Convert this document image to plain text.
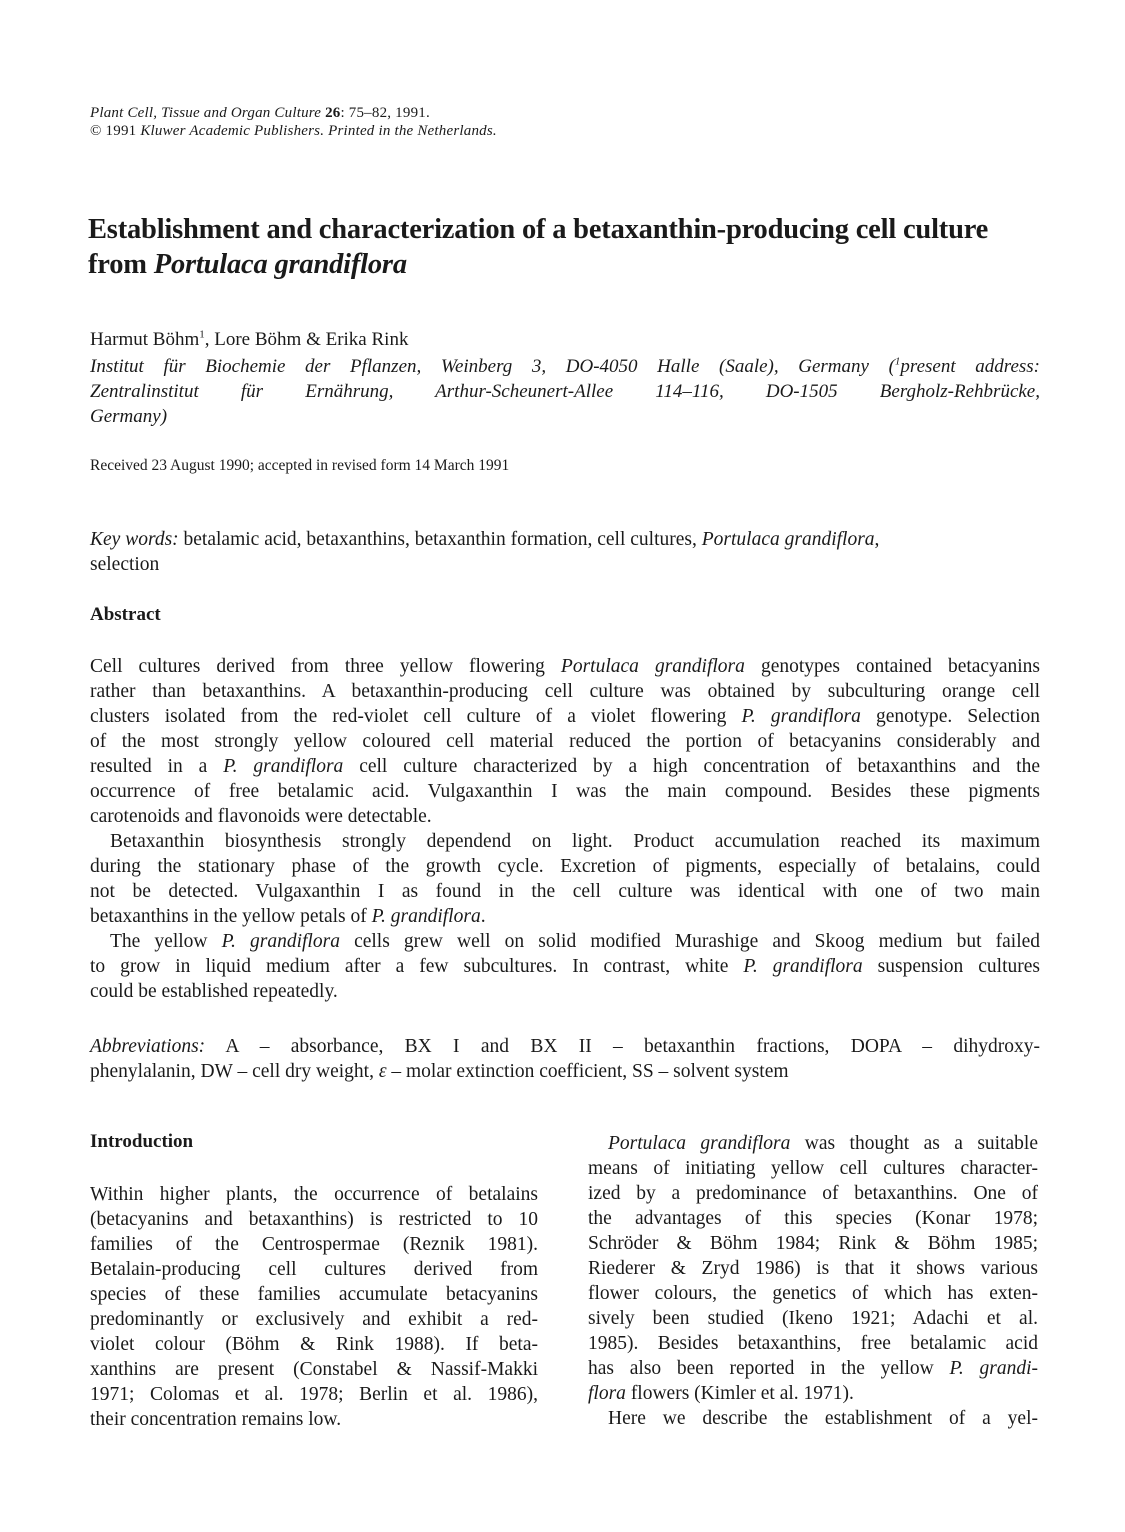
Plant Cell, Tissue and Organ Culture 26: 75–82, 1991.
© 1991 Kluwer Academic Publishers. Printed in the Netherlands.
Establishment and characterization of a betaxanthin-producing cell culture
from Portulaca grandiflora
Harmut Böhm$^1$, Lore Böhm & Erika Rink
Institut für Biochemie der Pflanzen, Weinberg 3, DO-4050 Halle (Saale), Germany ($^1$present address:
Zentralinstitut für Ernährung, Arthur-Scheunert-Allee 114–116, DO-1505 Bergholz-Rehbrücke,
Germany)
Received 23 August 1990; accepted in revised form 14 March 1991
Key words: betalamic acid, betaxanthins, betaxanthin formation, cell cultures, Portulaca grandiflora,
selection
Abstract
Cell cultures derived from three yellow flowering Portulaca grandiflora genotypes contained betacyanins
rather than betaxanthins. A betaxanthin-producing cell culture was obtained by subculturing orange cell
clusters isolated from the red-violet cell culture of a violet flowering P. grandiflora genotype. Selection
of the most strongly yellow coloured cell material reduced the portion of betacyanins considerably and
resulted in a P. grandiflora cell culture characterized by a high concentration of betaxanthins and the
occurrence of free betalamic acid. Vulgaxanthin I was the main compound. Besides these pigments
carotenoids and flavonoids were detectable.
Betaxanthin biosynthesis strongly dependend on light. Product accumulation reached its maximum
during the stationary phase of the growth cycle. Excretion of pigments, especially of betalains, could
not be detected. Vulgaxanthin I as found in the cell culture was identical with one of two main
betaxanthins in the yellow petals of P. grandiflora.
The yellow P. grandiflora cells grew well on solid modified Murashige and Skoog medium but failed
to grow in liquid medium after a few subcultures. In contrast, white P. grandiflora suspension cultures
could be established repeatedly.
Abbreviations: A – absorbance, BX I and BX II – betaxanthin fractions, DOPA – dihydroxy-
phenylalanin, DW – cell dry weight, ε – molar extinction coefficient, SS – solvent system
Introduction
Within higher plants, the occurrence of betalains
(betacyanins and betaxanthins) is restricted to 10
families of the Centrospermae (Reznik 1981).
Betalain-producing cell cultures derived from
species of these families accumulate betacyanins
predominantly or exclusively and exhibit a red-
violet colour (Böhm & Rink 1988). If beta-
xanthins are present (Constabel & Nassif-Makki
1971; Colomas et al. 1978; Berlin et al. 1986),
their concentration remains low.
Portulaca grandiflora was thought as a suitable
means of initiating yellow cell cultures character-
ized by a predominance of betaxanthins. One of
the advantages of this species (Konar 1978;
Schröder & Böhm 1984; Rink & Böhm 1985;
Riederer & Zryd 1986) is that it shows various
flower colours, the genetics of which has exten-
sively been studied (Ikeno 1921; Adachi et al.
1985). Besides betaxanthins, free betalamic acid
has also been reported in the yellow P. grandi-
flora flowers (Kimler et al. 1971).
Here we describe the establishment of a yel-
